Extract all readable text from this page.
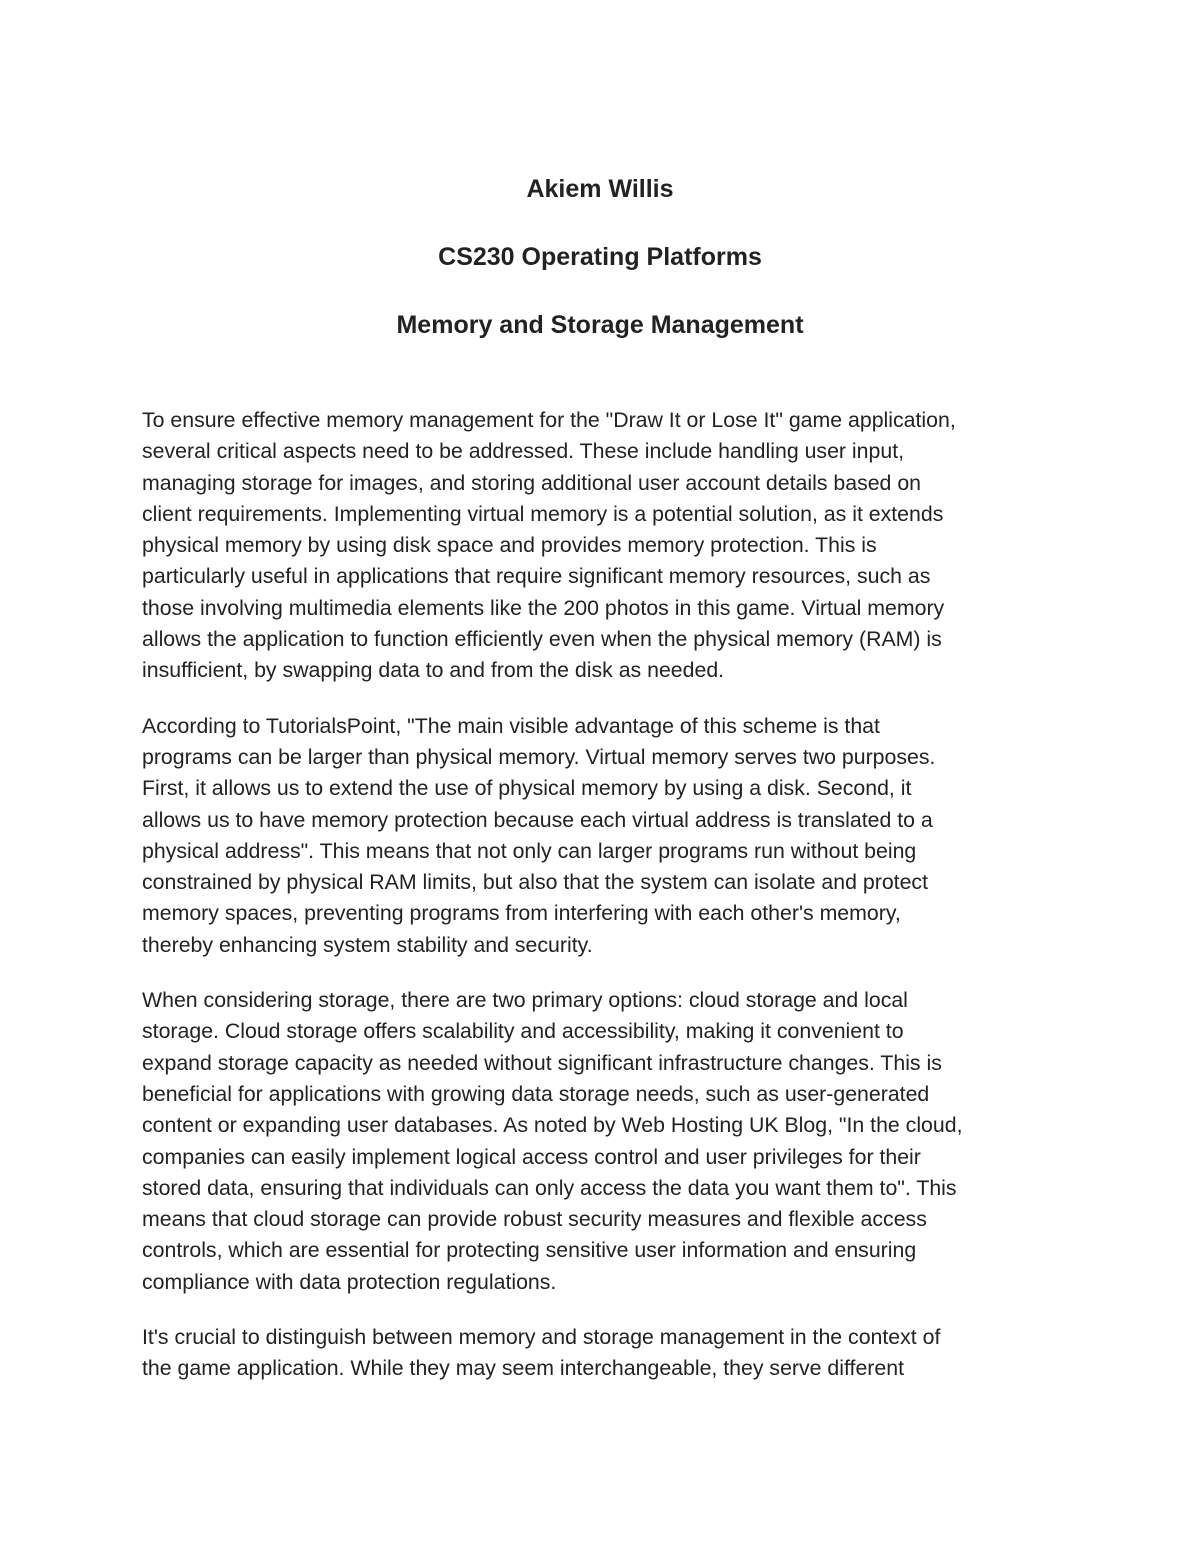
Akiem Willis
CS230 Operating Platforms
Memory and Storage Management

To ensure effective memory management for the "Draw It or Lose It" game application,
several critical aspects need to be addressed. These include handling user input,
managing storage for images, and storing additional user account details based on
client requirements. Implementing virtual memory is a potential solution, as it extends
physical memory by using disk space and provides memory protection. This is
particularly useful in applications that require significant memory resources, such as
those involving multimedia elements like the 200 photos in this game. Virtual memory
allows the application to function efficiently even when the physical memory (RAM) is
insufficient, by swapping data to and from the disk as needed.

According to TutorialsPoint, "The main visible advantage of this scheme is that
programs can be larger than physical memory. Virtual memory serves two purposes.
First, it allows us to extend the use of physical memory by using a disk. Second, it
allows us to have memory protection because each virtual address is translated to a
physical address". This means that not only can larger programs run without being
constrained by physical RAM limits, but also that the system can isolate and protect
memory spaces, preventing programs from interfering with each other's memory,
thereby enhancing system stability and security.

When considering storage, there are two primary options: cloud storage and local
storage. Cloud storage offers scalability and accessibility, making it convenient to
expand storage capacity as needed without significant infrastructure changes. This is
beneficial for applications with growing data storage needs, such as user-generated
content or expanding user databases. As noted by Web Hosting UK Blog, "In the cloud,
companies can easily implement logical access control and user privileges for their
stored data, ensuring that individuals can only access the data you want them to". This
means that cloud storage can provide robust security measures and flexible access
controls, which are essential for protecting sensitive user information and ensuring
compliance with data protection regulations.

It's crucial to distinguish between memory and storage management in the context of
the game application. While they may seem interchangeable, they serve different
